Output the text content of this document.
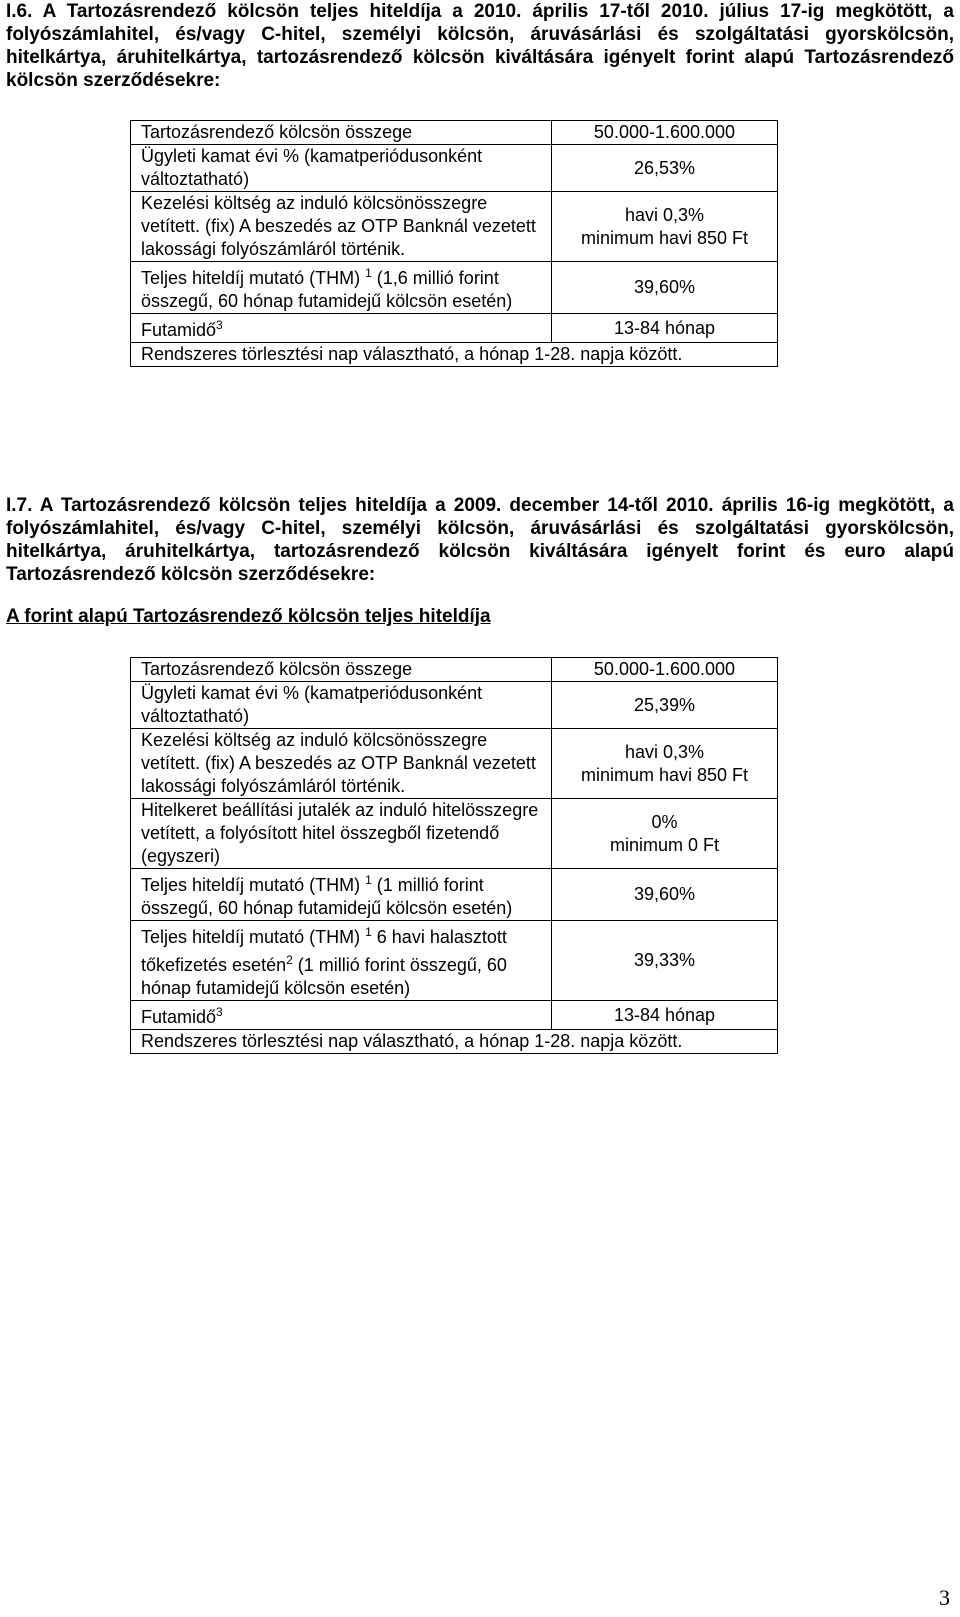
I.6. A Tartozásrendező kölcsön teljes hiteldíja a 2010. április 17-től 2010. július 17-ig megkötött, a folyószámlahitel, és/vagy C-hitel, személyi kölcsön, áruvásárlási és szolgáltatási gyorskölcsön, hitelkártya, áruhitelkártya, tartozásrendező kölcsön kiváltására igényelt forint alapú Tartozásrendező kölcsön szerződésekre:
Tartozásrendező kölcsön összege	50.000-1.600.000
Ügyleti kamat évi % (kamatperiódusonként változtatható)	26,53%
Kezelési költség az induló kölcsönösszegre vetített. (fix) A beszedés az OTP Banknál vezetett lakossági folyószámláról történik.	havi 0,3%
minimum havi 850 Ft

Teljes hiteldíj mutató (THM) $^1$ (1,6 millió forint összegű, 60 hónap futamidejű kölcsön esetén)	39,60%
Futamidő$^3$	13-84 hónap
Rendszeres törlesztési nap választható, a hónap 1-28. napja között.	
I.7. A Tartozásrendező kölcsön teljes hiteldíja a 2009. december 14-től 2010. április 16-ig megkötött, a folyószámlahitel, és/vagy C-hitel, személyi kölcsön, áruvásárlási és szolgáltatási gyorskölcsön, hitelkártya, áruhitelkártya, tartozásrendező kölcsön kiváltására igényelt forint és euro alapú Tartozásrendező kölcsön szerződésekre:
A forint alapú Tartozásrendező kölcsön teljes hiteldíja
Tartozásrendező kölcsön összege	50.000-1.600.000
Ügyleti kamat évi % (kamatperiódusonként változtatható)	25,39%
Kezelési költség az induló kölcsönösszegre vetített. (fix) A beszedés az OTP Banknál vezetett lakossági folyószámláról történik.	havi 0,3%
minimum havi 850 Ft

Hitelkeret beállítási jutalék az induló hitelösszegre vetített, a folyósított hitel összegből fizetendő (egyszeri)	0%
minimum 0 Ft

Teljes hiteldíj mutató (THM) $^1$ (1 millió forint összegű, 60 hónap futamidejű kölcsön esetén)	39,60%
Teljes hiteldíj mutató (THM) $^1$ 6 havi halasztott tőkefizetés esetén$^2$ (1 millió forint összegű, 60 hónap futamidejű kölcsön esetén)	39,33%
Futamidő$^3$	13-84 hónap
Rendszeres törlesztési nap választható, a hónap 1-28. napja között.	
3
